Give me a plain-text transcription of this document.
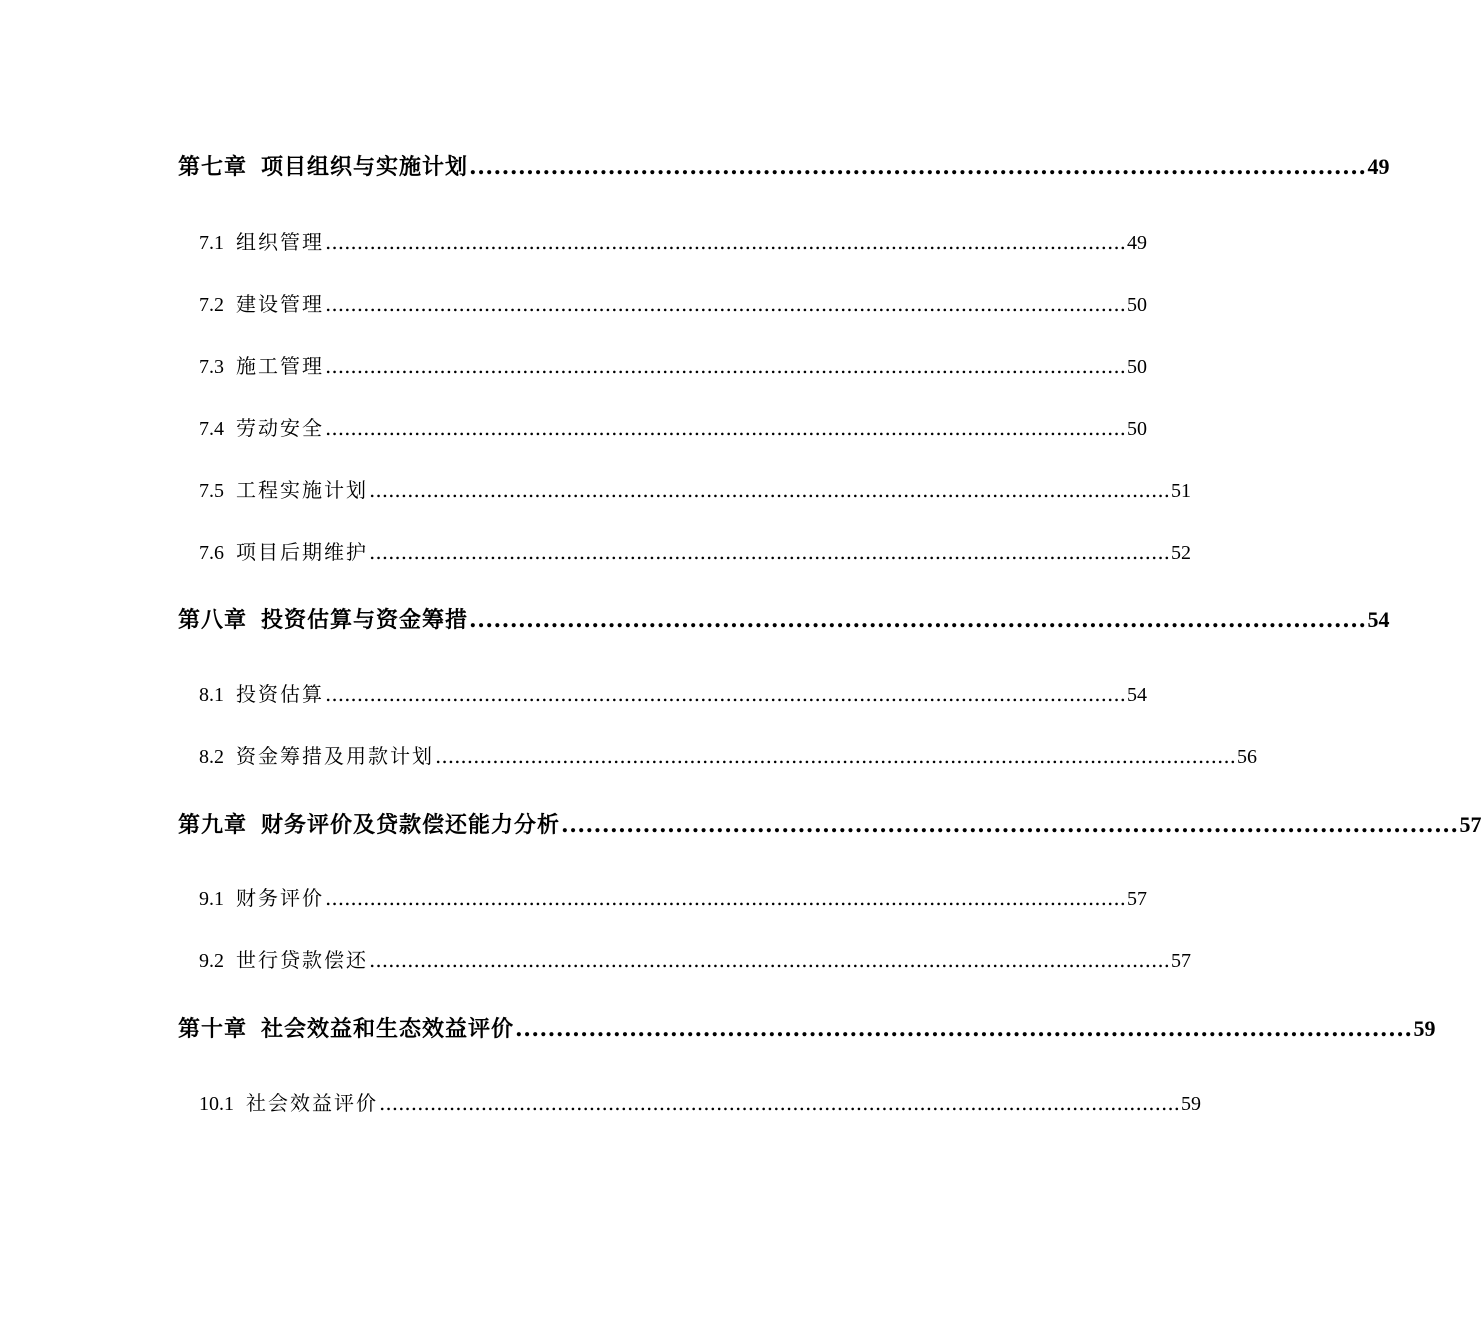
第七章 项目组织与实施计划 .............................................................................................................. 49
7.1 组织管理 .............................................................................................................................. 49
7.2 建设管理 .............................................................................................................................. 50
7.3 施工管理 .............................................................................................................................. 50
7.4 劳动安全 .............................................................................................................................. 50
7.5 工程实施计划 .............................................................................................................................. 51
7.6 项目后期维护 .............................................................................................................................. 52
第八章 投资估算与资金筹措 .............................................................................................................. 54
8.1 投资估算 .............................................................................................................................. 54
8.2 资金筹措及用款计划 .............................................................................................................................. 56
第九章 财务评价及贷款偿还能力分析 .............................................................................................................. 57
9.1 财务评价 .............................................................................................................................. 57
9.2 世行贷款偿还 .............................................................................................................................. 57
第十章 社会效益和生态效益评价 .............................................................................................................. 59
10.1 社会效益评价 .............................................................................................................................. 59
